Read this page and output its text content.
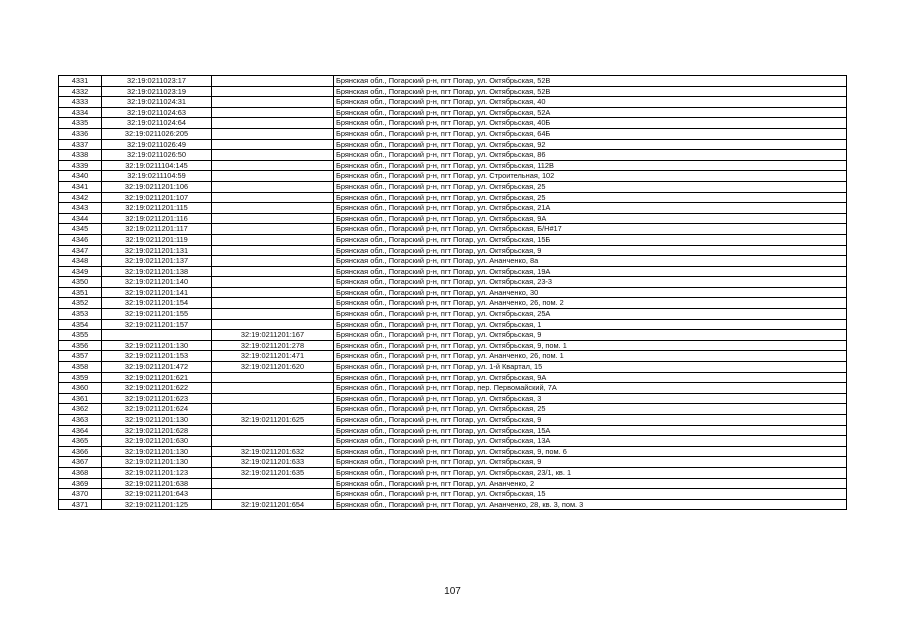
4331	32:19:0211023:17		Брянская обл., Погарский р-н, пгт Погар, ул. Октябрьская, 52В
4332	32:19:0211023:19		Брянская обл., Погарский р-н, пгт Погар, ул. Октябрьская, 52В
4333	32:19:0211024:31		Брянская обл., Погарский р-н, пгт Погар, ул. Октябрьская, 40
4334	32:19:0211024:63		Брянская обл., Погарский р-н, пгт Погар, ул. Октябрьская, 52А
4335	32:19:0211024:64		Брянская обл., Погарский р-н, пгт Погар, ул. Октябрьская, 40Б
4336	32:19:0211026:205		Брянская обл., Погарский р-н, пгт Погар, ул. Октябрьская, 64Б
4337	32:19:0211026:49		Брянская обл., Погарский р-н, пгт Погар, ул. Октябрьская, 92
4338	32:19:0211026:50		Брянская обл., Погарский р-н, пгт Погар, ул. Октябрьская, 86
4339	32:19:0211104:145		Брянская обл., Погарский р-н, пгт Погар, ул. Октябрьская, 112В
4340	32:19:0211104:59		Брянская обл., Погарский р-н, пгт Погар, ул. Строительная, 102
4341	32:19:0211201:106		Брянская обл., Погарский р-н, пгт Погар, ул. Октябрьская, 25
4342	32:19:0211201:107		Брянская обл., Погарский р-н, пгт Погар, ул. Октябрьская, 25
4343	32:19:0211201:115		Брянская обл., Погарский р-н, пгт Погар, ул. Октябрьская, 21А
4344	32:19:0211201:116		Брянская обл., Погарский р-н, пгт Погар, ул. Октябрьская, 9А
4345	32:19:0211201:117		Брянская обл., Погарский р-н, пгт Погар, ул. Октябрьская, Б/Н#17
4346	32:19:0211201:119		Брянская обл., Погарский р-н, пгт Погар, ул. Октябрьская, 15Б
4347	32:19:0211201:131		Брянская обл., Погарский р-н, пгт Погар, ул. Октябрьская, 9
4348	32:19:0211201:137		Брянская обл., Погарский р-н, пгт Погар, ул. Ананченко, 8а
4349	32:19:0211201:138		Брянская обл., Погарский р-н, пгт Погар, ул. Октябрьская, 19А
4350	32:19:0211201:140		Брянская обл., Погарский р-н, пгт Погар, ул. Октябрьская, 23-3
4351	32:19:0211201:141		Брянская обл., Погарский р-н, пгт Погар, ул. Ананченко, 30
4352	32:19:0211201:154		Брянская обл., Погарский р-н, пгт Погар, ул. Ананченко, 26, пом. 2
4353	32:19:0211201:155		Брянская обл., Погарский р-н, пгт Погар, ул. Октябрьская, 25А
4354	32:19:0211201:157		Брянская обл., Погарский р-н, пгт Погар, ул. Октябрьская, 1
4355		32:19:0211201:167	Брянская обл., Погарский р-н, пгт Погар, ул. Октябрьская, 9
4356	32:19:0211201:130	32:19:0211201:278	Брянская обл., Погарский р-н, пгт Погар, ул. Октябрьская, 9, пом. 1
4357	32:19:0211201:153	32:19:0211201:471	Брянская обл., Погарский р-н, пгт Погар, ул. Ананченко, 26, пом. 1
4358	32:19:0211201:472	32:19:0211201:620	Брянская обл., Погарский р-н, пгт Погар, ул. 1-й Квартал, 15
4359	32:19:0211201:621		Брянская обл., Погарский р-н, пгт Погар, ул. Октябрьская, 9А
4360	32:19:0211201:622		Брянская обл., Погарский р-н, пгт Погар, пер. Первомайский, 7А
4361	32:19:0211201:623		Брянская обл., Погарский р-н, пгт Погар, ул. Октябрьская, 3
4362	32:19:0211201:624		Брянская обл., Погарский р-н, пгт Погар, ул. Октябрьская, 25
4363	32:19:0211201:130	32:19:0211201:625	Брянская обл., Погарский р-н, пгт Погар, ул. Октябрьская, 9
4364	32:19:0211201:628		Брянская обл., Погарский р-н, пгт Погар, ул. Октябрьская, 15А
4365	32:19:0211201:630		Брянская обл., Погарский р-н, пгт Погар, ул. Октябрьская, 13А
4366	32:19:0211201:130	32:19:0211201:632	Брянская обл., Погарский р-н, пгт Погар, ул. Октябрьская, 9, пом. 6
4367	32:19:0211201:130	32:19:0211201:633	Брянская обл., Погарский р-н, пгт Погар, ул. Октябрьская, 9
4368	32:19:0211201:123	32:19:0211201:635	Брянская обл., Погарский р-н, пгт Погар, ул. Октябрьская, 23/1, кв. 1
4369	32:19:0211201:638		Брянская обл., Погарский р-н, пгт Погар, ул. Ананченко, 2
4370	32:19:0211201:643		Брянская обл., Погарский р-н, пгт Погар, ул. Октябрьская, 15
4371	32:19:0211201:125	32:19:0211201:654	Брянская обл., Погарский р-н, пгт Погар, ул. Ананченко, 28, кв. 3, пом. 3
107
